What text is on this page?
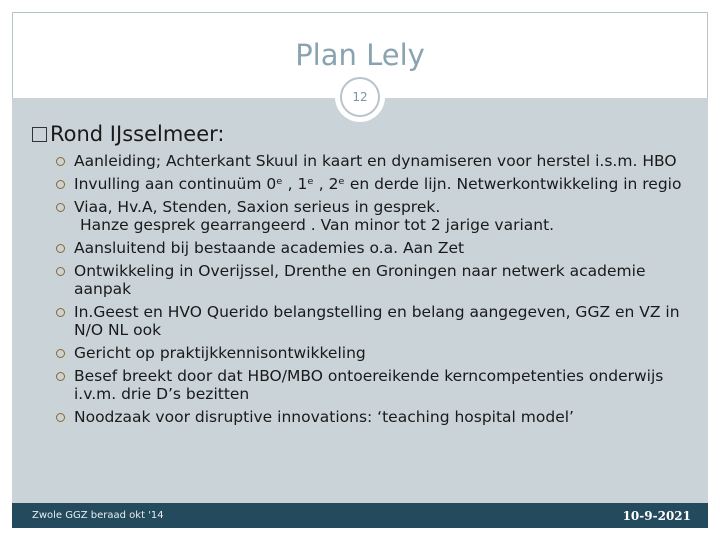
Plan Lely
12
Rond IJsselmeer:
Aanleiding; Achterkant Skuul in kaart en dynamiseren voor herstel i.s.m. HBO
Invulling aan continuüm 0ᵉ , 1ᵉ , 2ᵉ en derde lijn. Netwerkontwikkeling in regio
Viaa, Hv.A, Stenden, Saxion serieus in gesprek.
Hanze gesprek gearrangeerd . Van minor tot 2 jarige variant.
Aansluitend bij bestaande academies o.a. Aan Zet
Ontwikkeling in Overijssel, Drenthe en Groningen naar netwerk academie aanpak
In.Geest en HVO Querido belangstelling en belang aangegeven, GGZ en VZ in N/O NL ook
Gericht op praktijkkennisontwikkeling
Besef breekt door dat HBO/MBO ontoereikende kerncompetenties onderwijs i.v.m. drie D’s bezitten
Noodzaak voor disruptive innovations: ‘teaching hospital model’
Zwole GGZ beraad okt '14	10-9-2021
